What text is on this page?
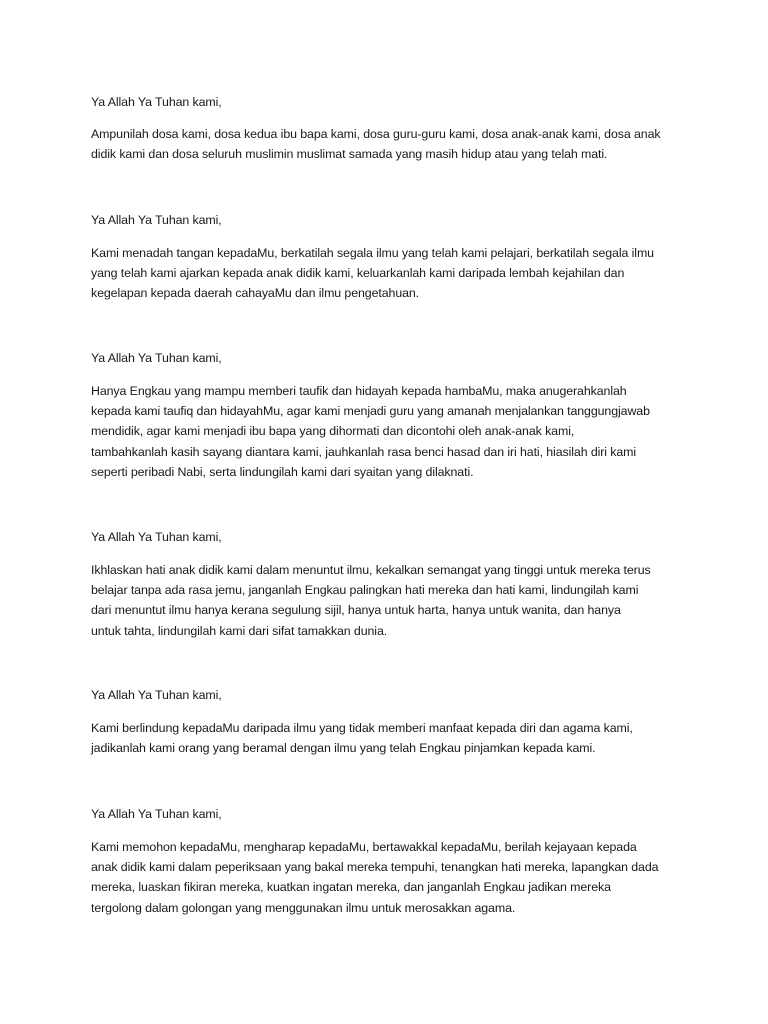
Ya Allah Ya Tuhan kami,
Ampunilah dosa kami, dosa kedua ibu bapa kami, dosa guru-guru kami, dosa anak-anak kami, dosa anak
didik kami dan dosa seluruh muslimin muslimat samada yang masih hidup atau yang telah mati.
Ya Allah Ya Tuhan kami,
Kami menadah tangan kepadaMu, berkatilah segala ilmu yang telah kami pelajari, berkatilah segala ilmu
yang telah kami ajarkan kepada anak didik kami, keluarkanlah kami daripada lembah kejahilan dan
kegelapan kepada daerah cahayaMu dan ilmu pengetahuan.
Ya Allah Ya Tuhan kami,
Hanya Engkau yang mampu memberi taufik dan hidayah kepada hambaMu, maka anugerahkanlah
kepada kami taufiq dan hidayahMu, agar kami menjadi guru yang amanah menjalankan tanggungjawab
mendidik, agar kami menjadi ibu bapa yang dihormati dan dicontohi oleh anak-anak kami,
tambahkanlah kasih sayang diantara kami, jauhkanlah rasa benci hasad dan iri hati, hiasilah diri kami
seperti peribadi Nabi, serta lindungilah kami dari syaitan yang dilaknati.
Ya Allah Ya Tuhan kami,
Ikhlaskan hati anak didik kami dalam menuntut ilmu, kekalkan semangat yang tinggi untuk mereka terus
belajar tanpa ada rasa jemu, janganlah Engkau palingkan hati mereka dan hati kami, lindungilah kami
dari menuntut ilmu hanya kerana segulung sijil, hanya untuk harta, hanya untuk wanita, dan hanya
untuk tahta, lindungilah kami dari sifat tamakkan dunia.
Ya Allah Ya Tuhan kami,
Kami berlindung kepadaMu daripada ilmu yang tidak memberi manfaat kepada diri dan agama kami,
jadikanlah kami orang yang beramal dengan ilmu yang telah Engkau pinjamkan kepada kami.
Ya Allah Ya Tuhan kami,
Kami memohon kepadaMu, mengharap kepadaMu, bertawakkal kepadaMu, berilah kejayaan kepada
anak didik kami dalam peperiksaan yang bakal mereka tempuhi, tenangkan hati mereka, lapangkan dada
mereka, luaskan fikiran mereka, kuatkan ingatan mereka, dan janganlah Engkau jadikan mereka
tergolong dalam golongan yang menggunakan ilmu untuk merosakkan agama.
